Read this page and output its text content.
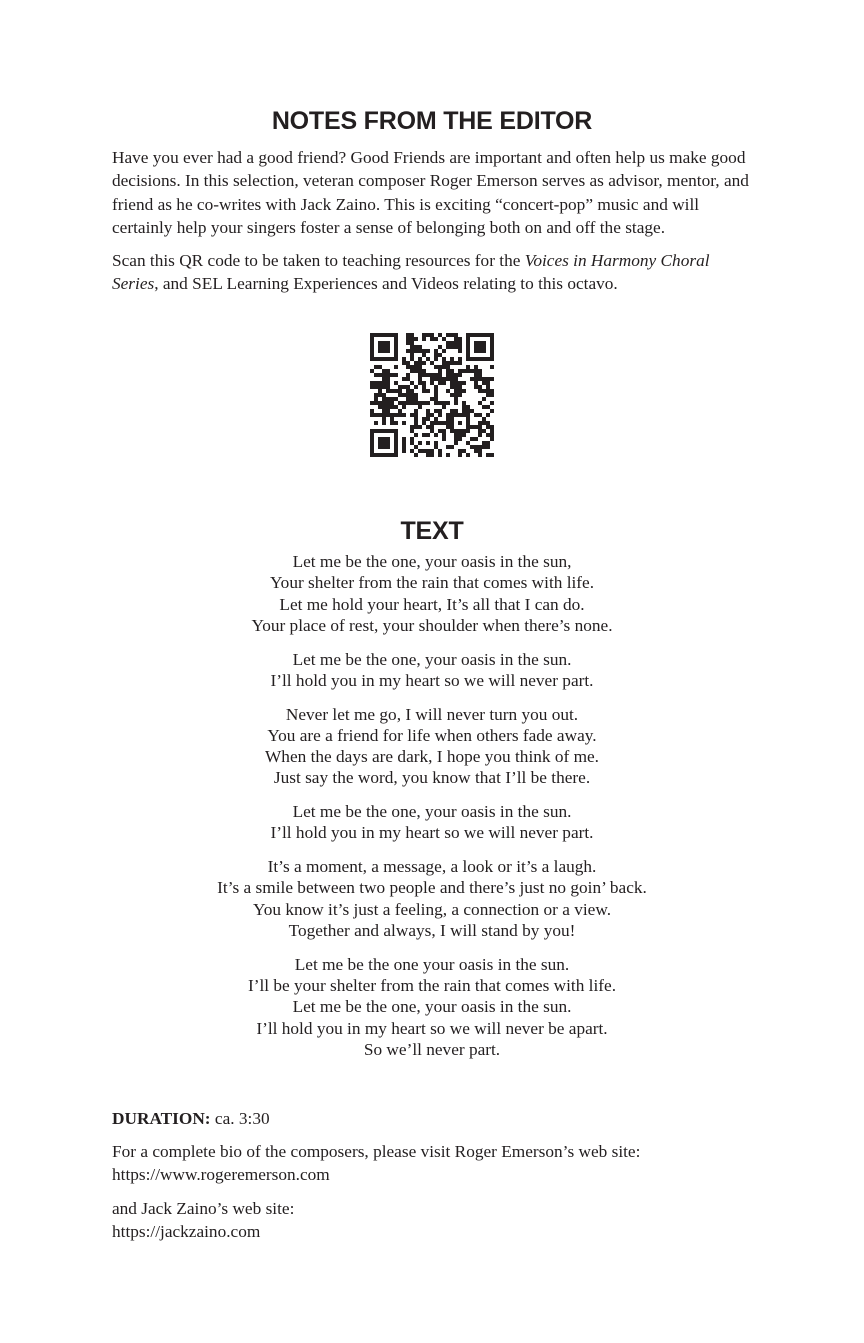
NOTES FROM THE EDITOR

Have you ever had a good friend? Good Friends are important and often help us make good decisions. In this selection, veteran composer Roger Emerson serves as advisor, mentor, and friend as he co-writes with Jack Zaino. This is exciting “concert-pop” music and will certainly help your singers foster a sense of belonging both on and off the stage.

Scan this QR code to be taken to teaching resources for the Voices in Harmony Choral Series, and SEL Learning Experiences and Videos relating to this octavo.

TEXT

Let me be the one, your oasis in the sun,
Your shelter from the rain that comes with life.
Let me hold your heart, It’s all that I can do.
Your place of rest, your shoulder when there’s none.

Let me be the one, your oasis in the sun.
I’ll hold you in my heart so we will never part.

Never let me go, I will never turn you out.
You are a friend for life when others fade away.
When the days are dark, I hope you think of me.
Just say the word, you know that I’ll be there.

Let me be the one, your oasis in the sun.
I’ll hold you in my heart so we will never part.

It’s a moment, a message, a look or it’s a laugh.
It’s a smile between two people and there’s just no goin’ back.
You know it’s just a feeling, a connection or a view.
Together and always, I will stand by you!

Let me be the one your oasis in the sun.
I’ll be your shelter from the rain that comes with life.
Let me be the one, your oasis in the sun.
I’ll hold you in my heart so we will never be apart.
So we’ll never part.

DURATION: ca. 3:30

For a complete bio of the composers, please visit Roger Emerson’s web site:
https://www.rogeremerson.com

and Jack Zaino’s web site:
https://jackzaino.com
